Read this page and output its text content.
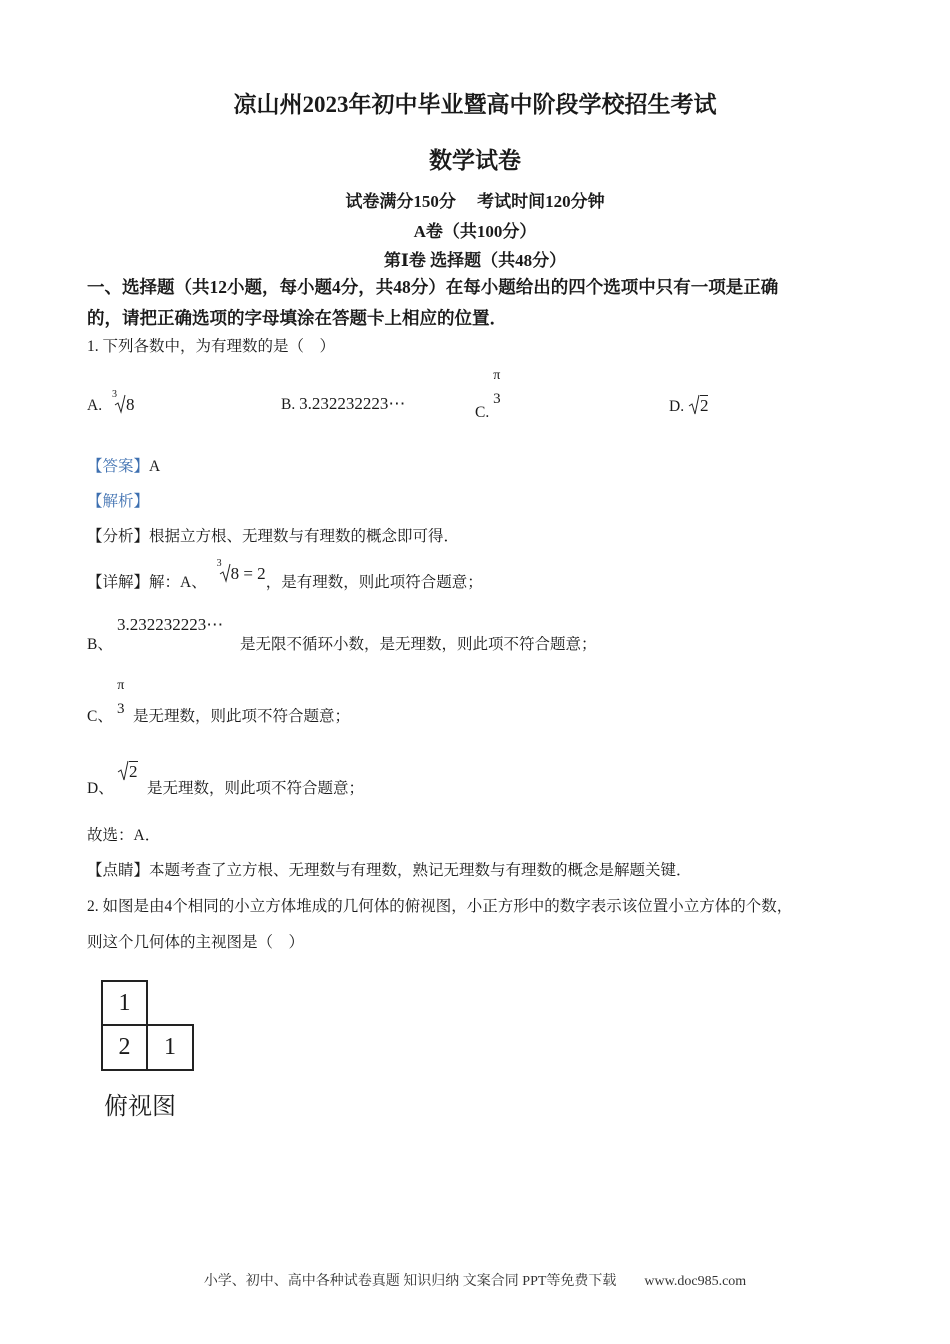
凉山州2023年初中毕业暨高中阶段学校招生考试
数学试卷
试卷满分150分　 考试时间120分钟
A卷（共100分）
第Ⅰ卷 选择题（共48分）
一、选择题（共12小题，每小题4分，共48分）在每小题给出的四个选项中只有一项是正确
的，请把正确选项的字母填涂在答题卡上相应的位置．
1. 下列各数中，为有理数的是（　）
A.
3
8	B. 3.232232223⋯	C.
π
3	D. 2
【答案】A
【解析】
【分析】根据立方根、无理数与有理数的概念即可得．
【详解】解：A、
3
8 = 2，是有理数，则此项符合题意；
B、
3.232232223⋯
是无限不循环小数，是无理数，则此项不符合题意；
C、
π
3 是无理数，则此项不符合题意；
D、
2
是无理数，则此项不符合题意；
故选：A．
【点睛】本题考查了立方根、无理数与有理数，熟记无理数与有理数的概念是解题关键．
2. 如图是由4个相同的小立方体堆成的几何体的俯视图，小正方形中的数字表示该位置小立方体的个数，
则这个几何体的主视图是（　）
1
2	1
俯视图
小学、初中、高中各种试卷真题 知识归纳 文案合同 PPT等免费下载　　www.doc985.com
